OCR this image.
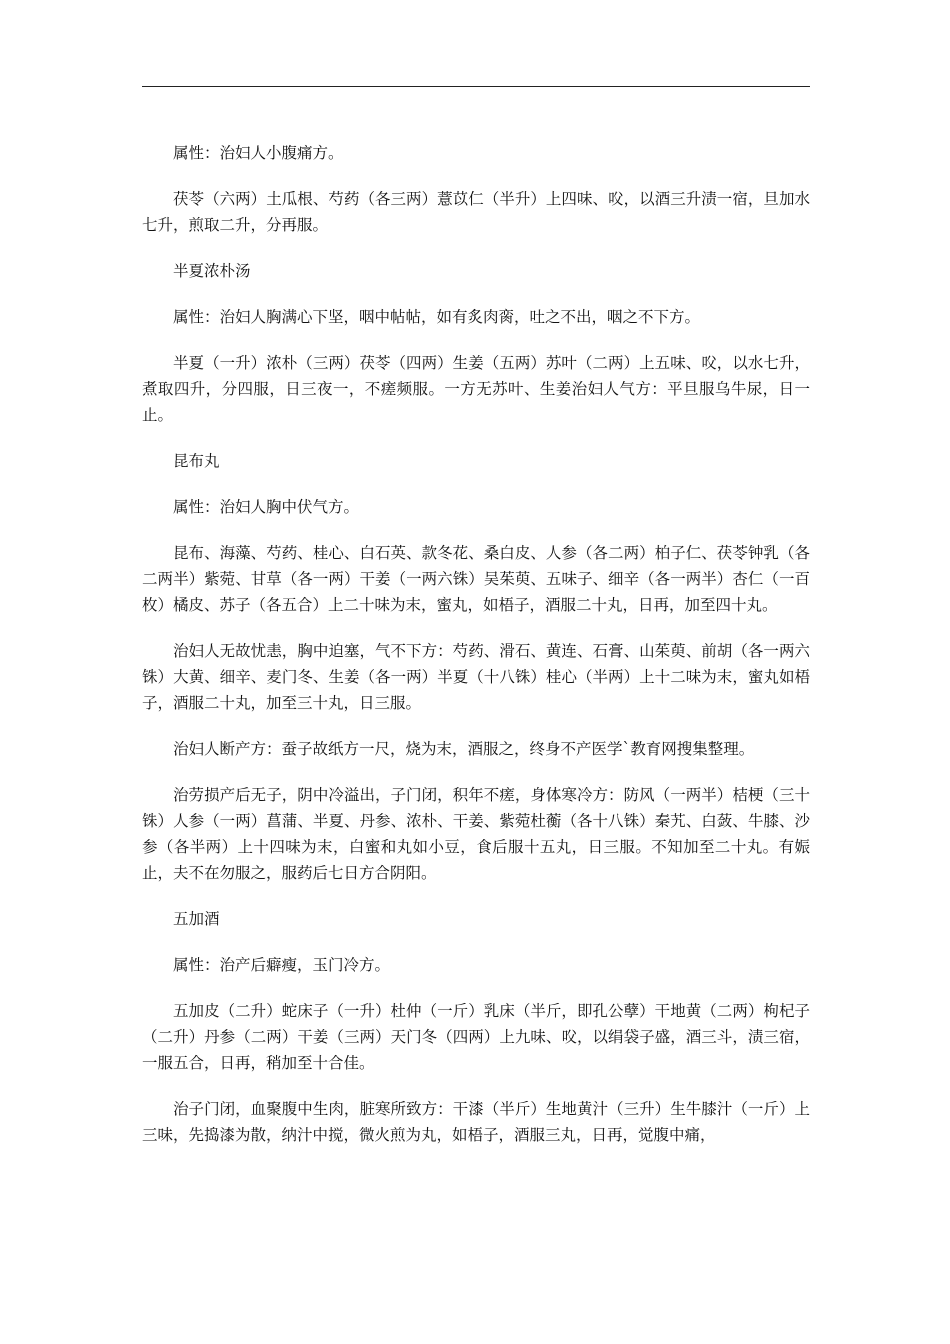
属性：治妇人小腹痛方。

茯苓（六两）土瓜根、芍药（各三两）薏苡仁（半升）上四味、㕮，以酒三升渍一宿，旦加水七升，煎取二升，分再服。

半夏浓朴汤

属性：治妇人胸满心下坚，咽中帖帖，如有炙肉脔，吐之不出，咽之不下方。

半夏（一升）浓朴（三两）茯苓（四两）生姜（五两）苏叶（二两）上五味、㕮，以水七升，煮取四升，分四服，日三夜一，不瘥频服。一方无苏叶、生姜治妇人气方：平旦服乌牛尿，日一止。

昆布丸

属性：治妇人胸中伏气方。

昆布、海藻、芍药、桂心、白石英、款冬花、桑白皮、人参（各二两）柏子仁、茯苓钟乳（各二两半）紫菀、甘草（各一两）干姜（一两六铢）吴茱萸、五味子、细辛（各一两半）杏仁（一百枚）橘皮、苏子（各五合）上二十味为末，蜜丸，如梧子，酒服二十丸，日再，加至四十丸。

治妇人无故忧恚，胸中迫塞，气不下方：芍药、滑石、黄连、石膏、山茱萸、前胡（各一两六铢）大黄、细辛、麦门冬、生姜（各一两）半夏（十八铢）桂心（半两）上十二味为末，蜜丸如梧子，酒服二十丸，加至三十丸，日三服。

治妇人断产方：蚕子故纸方一尺，烧为末，酒服之，终身不产医学`教育网搜集整理。

治劳损产后无子，阴中冷溢出，子门闭，积年不瘥，身体寒冷方：防风（一两半）桔梗（三十铢）人参（一两）菖蒲、半夏、丹参、浓朴、干姜、紫菀杜蘅（各十八铢）秦艽、白蔹、牛膝、沙参（各半两）上十四味为末，白蜜和丸如小豆，食后服十五丸，日三服。不知加至二十丸。有娠止，夫不在勿服之，服药后七日方合阴阳。

五加酒

属性：治产后癖瘦，玉门冷方。

五加皮（二升）蛇床子（一升）杜仲（一斤）乳床（半斤，即孔公孽）干地黄（二两）枸杞子（二升）丹参（二两）干姜（三两）天门冬（四两）上九味、㕮，以绢袋子盛，酒三斗，渍三宿，一服五合，日再，稍加至十合佳。

治子门闭，血聚腹中生肉，脏寒所致方：干漆（半斤）生地黄汁（三升）生牛膝汁（一斤）上三味，先捣漆为散，纳汁中搅，微火煎为丸，如梧子，酒服三丸，日再，觉腹中痛，
